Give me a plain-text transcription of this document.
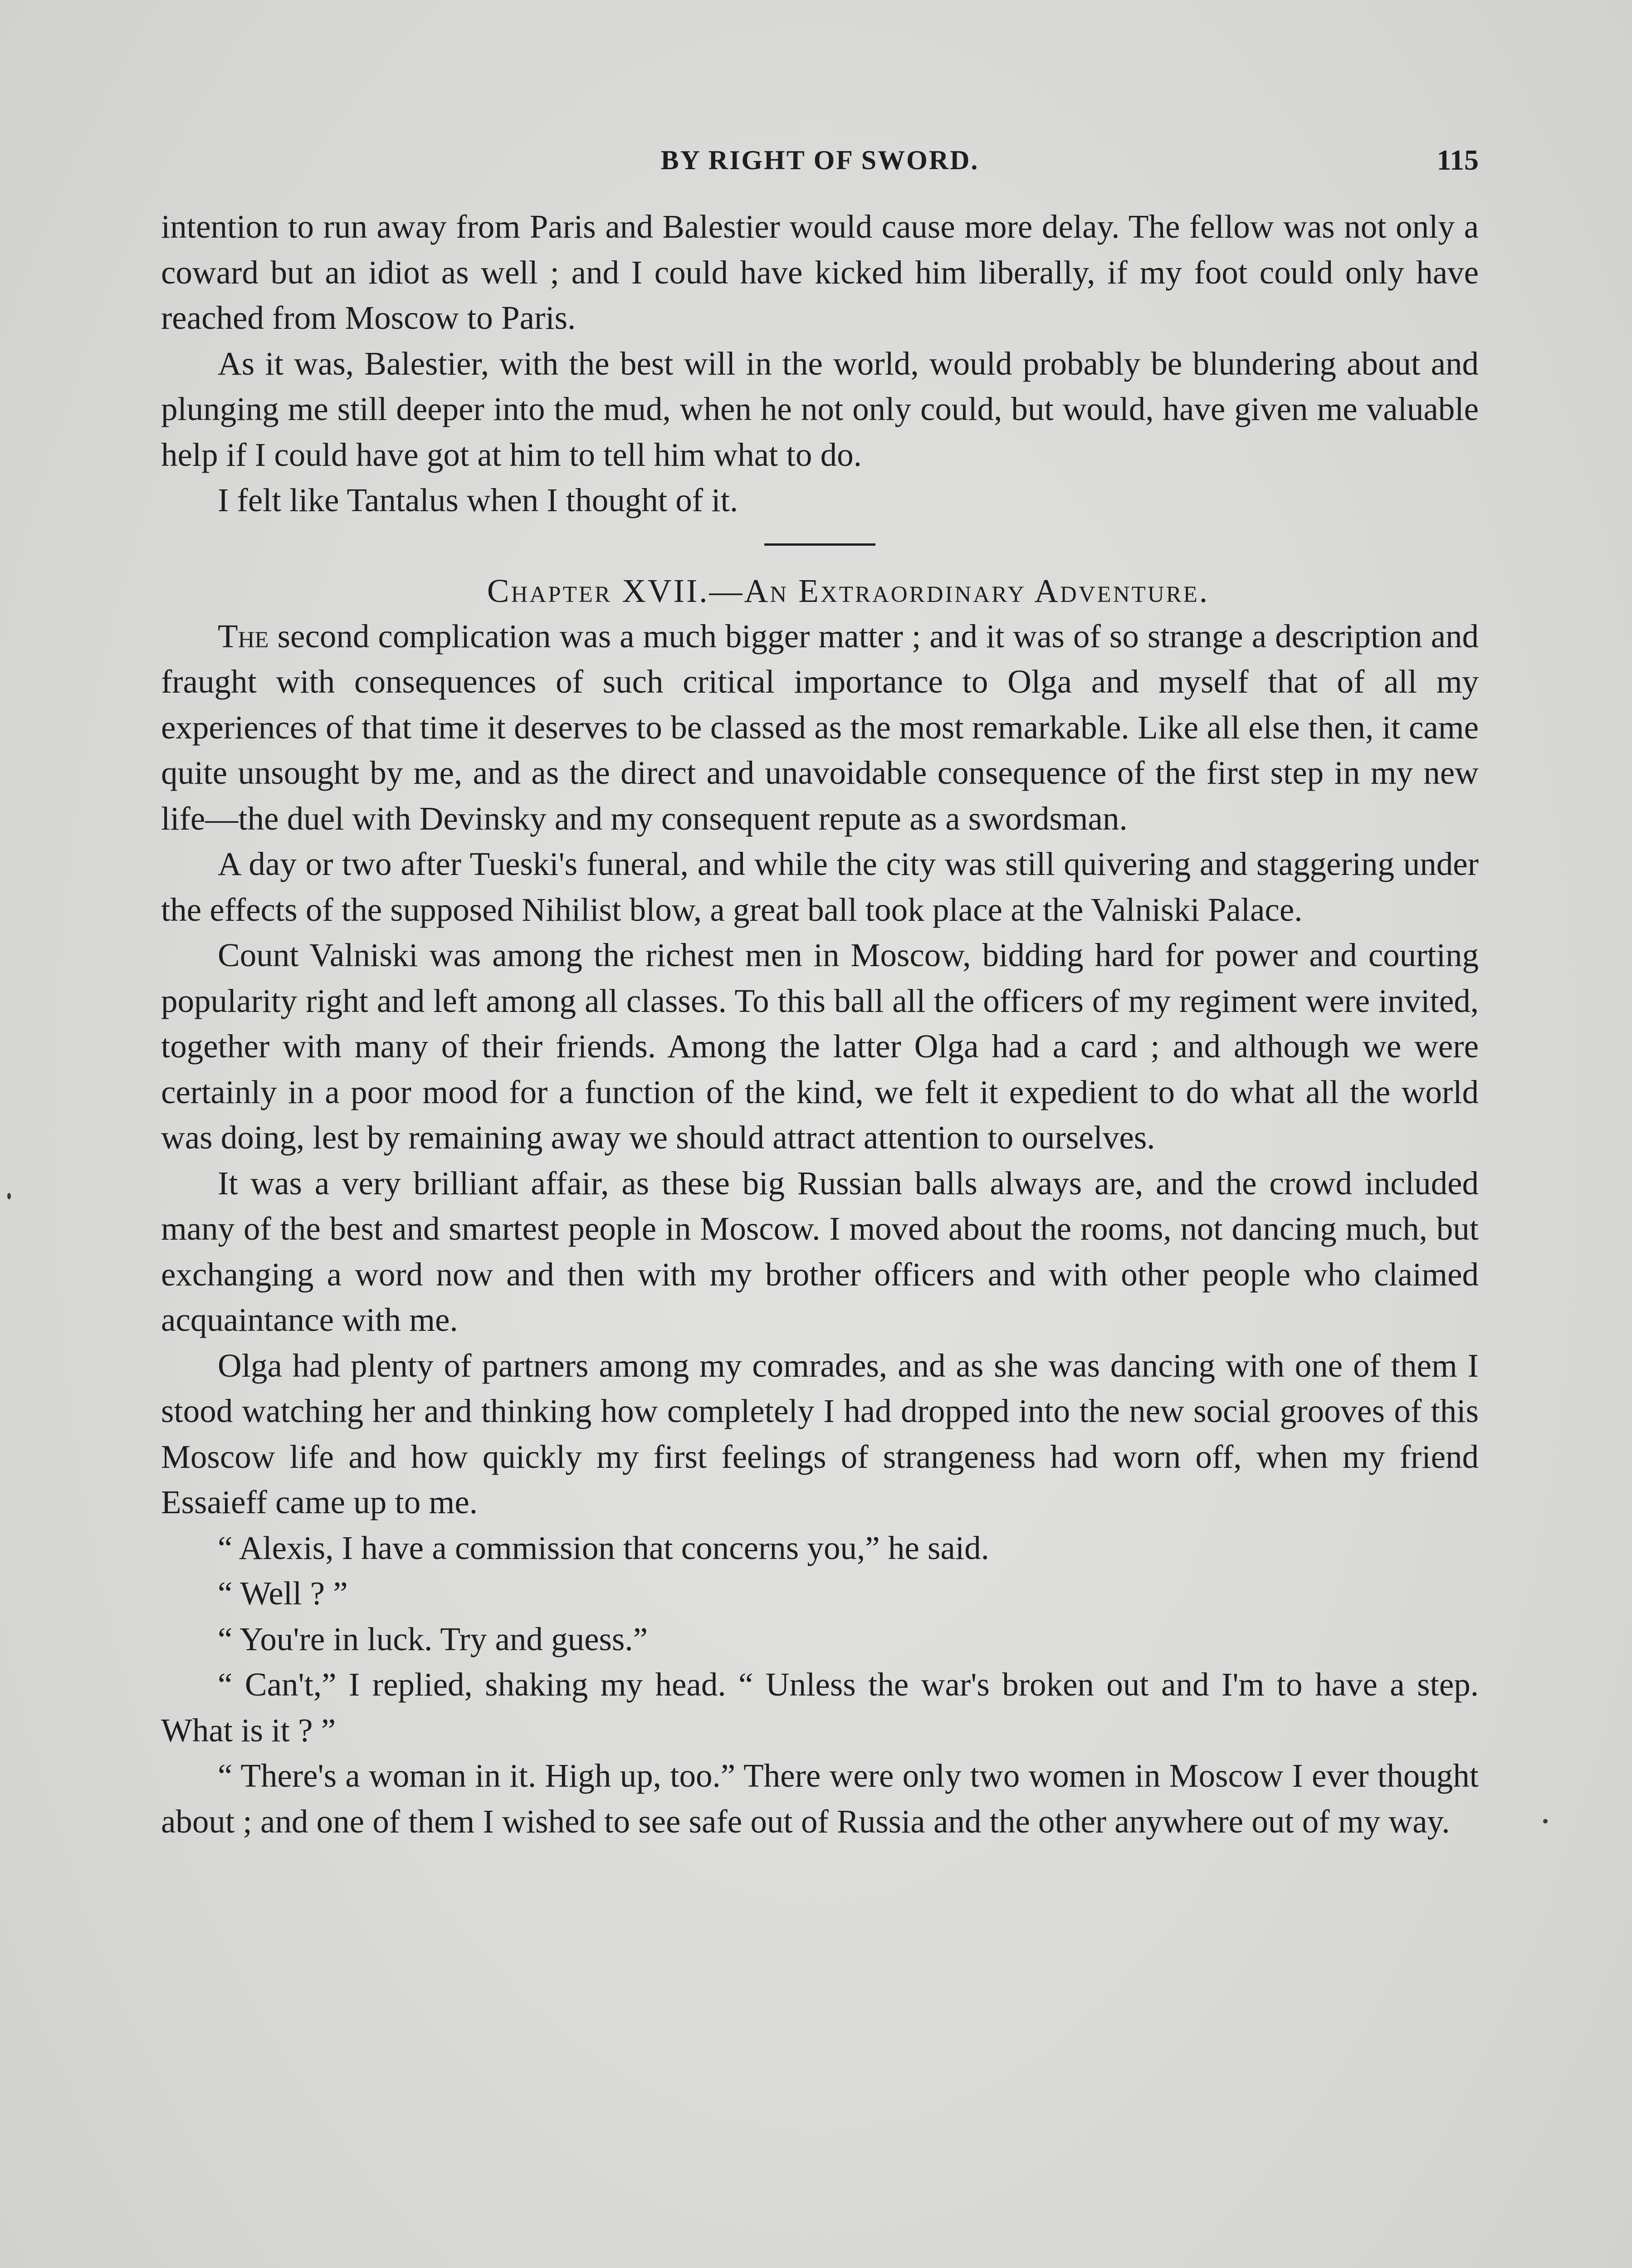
BY RIGHT OF SWORD.	115

intention to run away from Paris and Balestier would cause more delay. The fellow was not only a coward but an idiot as well ; and I could have kicked him liberally, if my foot could only have reached from Moscow to Paris.

As it was, Balestier, with the best will in the world, would probably be blundering about and plunging me still deeper into the mud, when he not only could, but would, have given me valuable help if I could have got at him to tell him what to do.

I felt like Tantalus when I thought of it.

Chapter XVII.—An Extraordinary Adventure.

The second complication was a much bigger matter ; and it was of so strange a description and fraught with consequences of such critical importance to Olga and myself that of all my experiences of that time it deserves to be classed as the most remarkable. Like all else then, it came quite unsought by me, and as the direct and unavoidable consequence of the first step in my new life—the duel with Devinsky and my consequent repute as a swordsman.

A day or two after Tueski's funeral, and while the city was still quivering and staggering under the effects of the supposed Nihilist blow, a great ball took place at the Valniski Palace.

Count Valniski was among the richest men in Moscow, bidding hard for power and courting popularity right and left among all classes. To this ball all the officers of my regiment were invited, together with many of their friends. Among the latter Olga had a card ; and although we were certainly in a poor mood for a function of the kind, we felt it expedient to do what all the world was doing, lest by remaining away we should attract attention to ourselves.

It was a very brilliant affair, as these big Russian balls always are, and the crowd included many of the best and smartest people in Moscow. I moved about the rooms, not dancing much, but exchanging a word now and then with my brother officers and with other people who claimed acquaintance with me.

Olga had plenty of partners among my comrades, and as she was dancing with one of them I stood watching her and thinking how completely I had dropped into the new social grooves of this Moscow life and how quickly my first feelings of strangeness had worn off, when my friend Essaieff came up to me.

“ Alexis, I have a commission that concerns you,” he said.

“ Well ? ”

“ You're in luck. Try and guess.”

“ Can't,” I replied, shaking my head. “ Unless the war's broken out and I'm to have a step. What is it ? ”

“ There's a woman in it. High up, too.” There were only two women in Moscow I ever thought about ; and one of them I wished to see safe out of Russia and the other anywhere out of my way.
